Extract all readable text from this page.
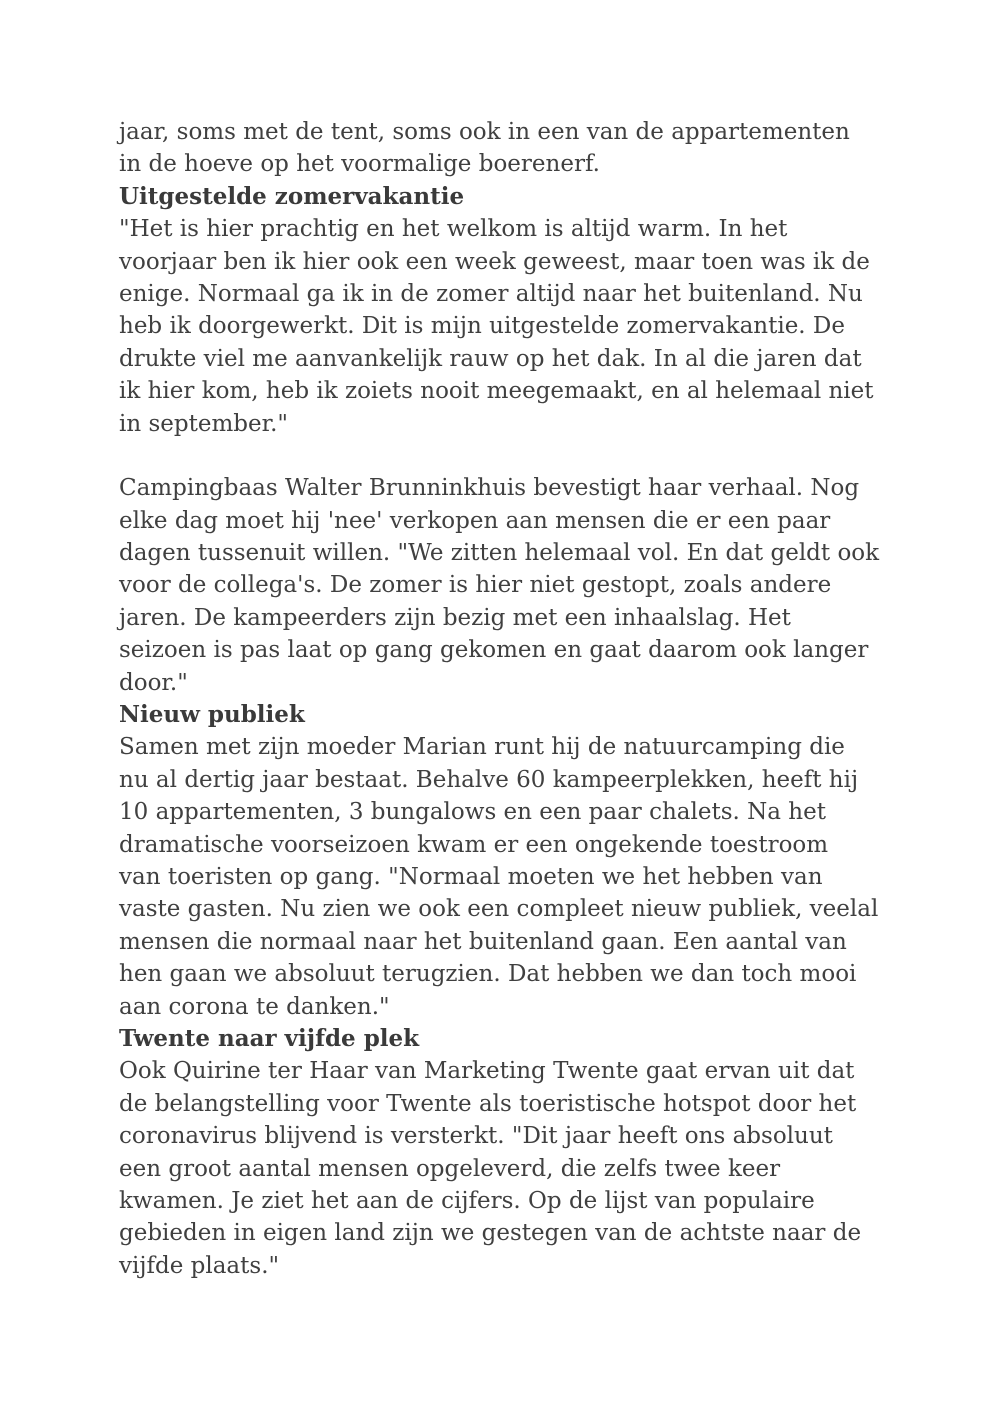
jaar, soms met de tent, soms ook in een van de appartementen
in de hoeve op het voormalige boerenerf.
Uitgestelde zomervakantie
"Het is hier prachtig en het welkom is altijd warm. In het
voorjaar ben ik hier ook een week geweest, maar toen was ik de
enige. Normaal ga ik in de zomer altijd naar het buitenland. Nu
heb ik doorgewerkt. Dit is mijn uitgestelde zomervakantie. De
drukte viel me aanvankelijk rauw op het dak. In al die jaren dat
ik hier kom, heb ik zoiets nooit meegemaakt, en al helemaal niet
in september."
Campingbaas Walter Brunninkhuis bevestigt haar verhaal. Nog
elke dag moet hij 'nee' verkopen aan mensen die er een paar
dagen tussenuit willen. "We zitten helemaal vol. En dat geldt ook
voor de collega's. De zomer is hier niet gestopt, zoals andere
jaren. De kampeerders zijn bezig met een inhaalslag. Het
seizoen is pas laat op gang gekomen en gaat daarom ook langer
door."
Nieuw publiek
Samen met zijn moeder Marian runt hij de natuurcamping die
nu al dertig jaar bestaat. Behalve 60 kampeerplekken, heeft hij
10 appartementen, 3 bungalows en een paar chalets. Na het
dramatische voorseizoen kwam er een ongekende toestroom
van toeristen op gang. "Normaal moeten we het hebben van
vaste gasten. Nu zien we ook een compleet nieuw publiek, veelal
mensen die normaal naar het buitenland gaan. Een aantal van
hen gaan we absoluut terugzien. Dat hebben we dan toch mooi
aan corona te danken."
Twente naar vijfde plek
Ook Quirine ter Haar van Marketing Twente gaat ervan uit dat
de belangstelling voor Twente als toeristische hotspot door het
coronavirus blijvend is versterkt. "Dit jaar heeft ons absoluut
een groot aantal mensen opgeleverd, die zelfs twee keer
kwamen. Je ziet het aan de cijfers. Op de lijst van populaire
gebieden in eigen land zijn we gestegen van de achtste naar de
vijfde plaats."
